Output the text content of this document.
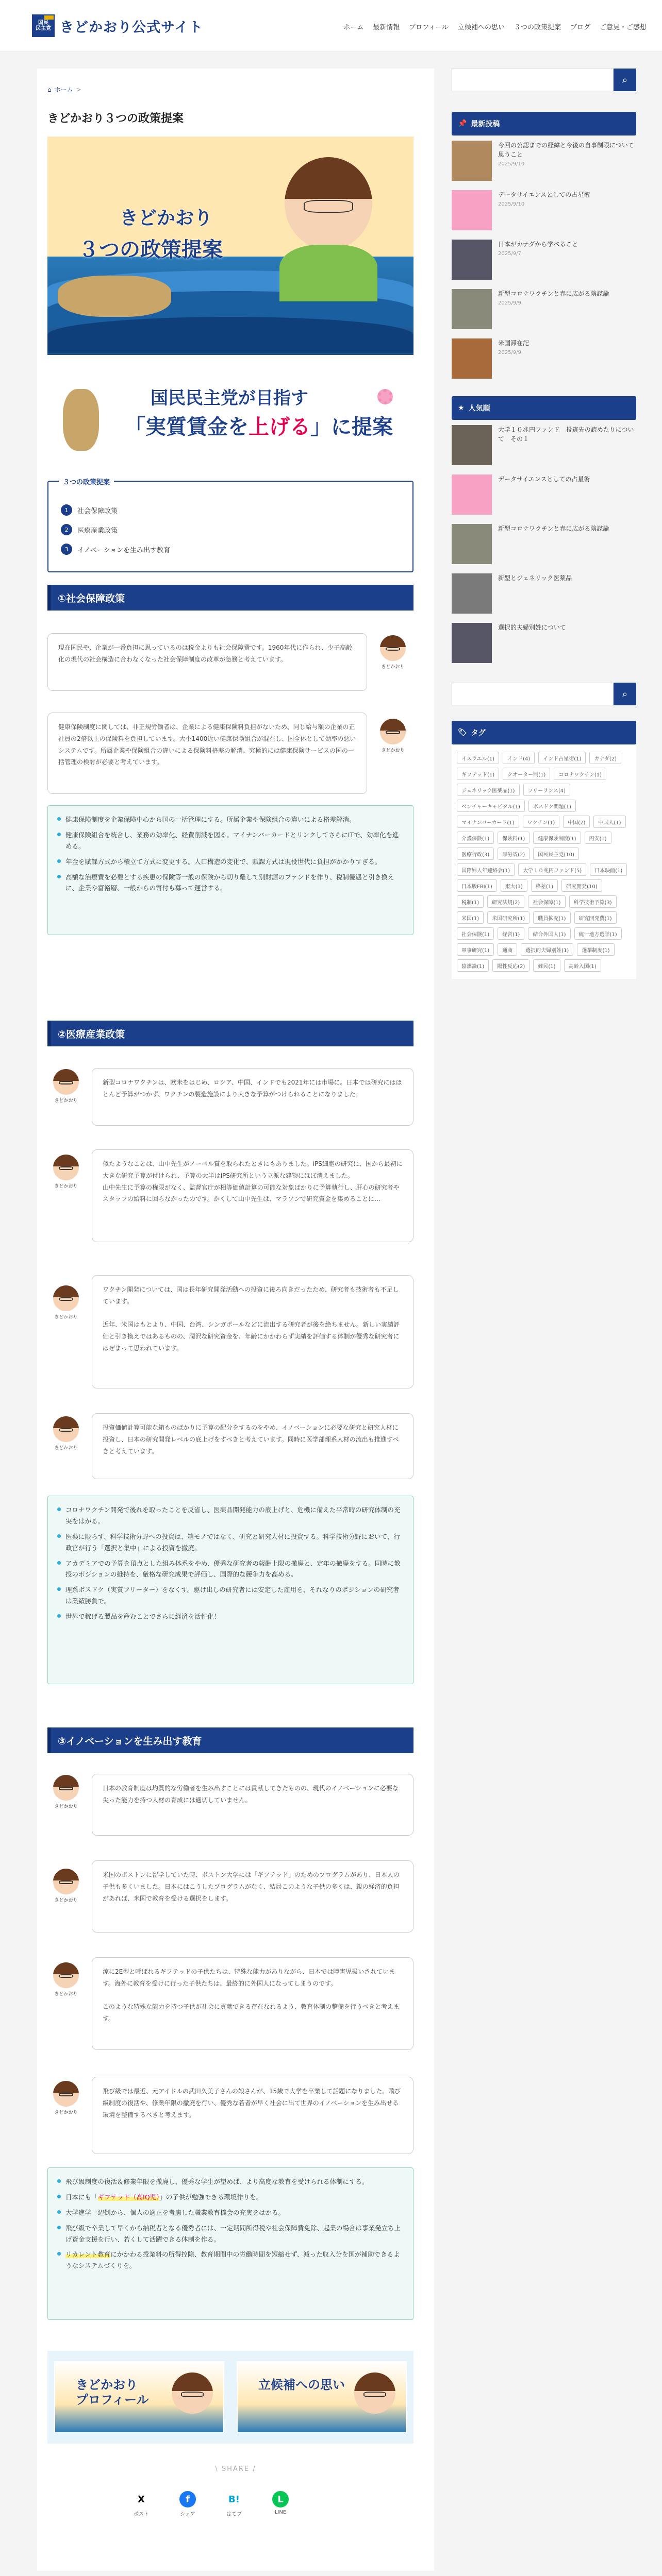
国民
民主党 きどかおり公式サイト	ホーム 最新情報 プロフィール 立候補への思い ３つの政策提案 ブログ ご意見・ご感想
⌂ ホーム >
きどかおり３つの政策提案
きどかおり
３つの政策提案
国民民主党が目指す
「実質賃金を上げる」に提案
３つの政策提案
1	社会保障政策
2	医療産業政策
3	イノベーションを生み出す教育
①社会保障政策
現在国民や、企業が一番負担に思っているのは税金よりも社会保障費です。1960年代に作られ、少子高齢化の現代の社会構造に合わなくなった社会保障制度の改革が急務と考えています。
きどかおり
健康保険制度に関しては、非正規労働者は、企業による健康保険料負担がないため、同じ給与額の企業の正社員の2倍以上の保険料を負担しています。大小1400近い健康保険組合が混在し、国全体として効率の悪いシステムです。所属企業や保険組合の違いによる保険料格差の解消、究極的には健康保険サービスの国の一括管理の検討が必要と考えています。
きどかおり
健康保険制度を企業保険中心から国の一括管理にする。所属企業や保険組合の違いによる格差解消。
健康保険組合を統合し、業務の効率化、経費削減を図る。マイナンバーカードとリンクしてさらにITで、効率化を進める。
年金を賦課方式から積立て方式に変更する。人口構造の変化で、賦課方式は現役世代に負担がかかりすぎる。
高額な治療費を必要とする疾患の保険等一般の保険から切り離して別財源のファンドを作り、税制優遇と引き換えに、企業や富裕層、一般からの寄付も募って運営する。
②医療産業政策
きどかおり
新型コロナワクチンは、欧米をはじめ、ロシア、中国、インドでも2021年には市場に。日本では研究にはほとんど予算がつかず、ワクチンの製造施設により大きな予算がつけられることになりました。
きどかおり

似たようなことは、山中先生がノーベル賞を取られたときにもありました。iPS細胞の研究に、国から最初に大きな研究予算が付けられ、予算の大半はiPS研究所という立派な建物にほぼ消えました。

山中先生に予算の権限がなく、監督官庁が相等価値計算の可能な対象ばかりに予算執行し、肝心の研究者やスタッフの給料に回らなかったのです。かくして山中先生は、マラソンで研究資金を集めることに…

きどかおり

ワクチン開発については、国は長年研究開発活動への投資に後ろ向きだったため、研究者も技術者も不足しています。

近年、米国はもとより、中国、台湾、シンガポールなどに流出する研究者が後を絶ちません。新しい実績評価と引き換えではあるものの、潤沢な研究資金を、年齢にかかわらず実績を評価する体制が優秀な研究者にはぜまって思われています。

きどかおり
投資価値計算可能な箱ものばかりに予算の配分をするのをやめ、イノベーションに必要な研究と研究人材に投資し、日本の研究開発レベルの底上げをすべきと考えています。同時に医学部理系人材の流出も推進すべきと考えています。
コロナワクチン開発で後れを取ったことを反省し、医薬品開発能力の底上げと、危機に備えた平常時の研究体制の充実をはかる。
医薬に限らず、科学技術分野への投資は、箱モノではなく、研究と研究人材に投資する。科学技術分野において、行政官が行う「選択と集中」による投資を撤廃。
アカデミアでの予算を頂点とした組み体系をやめ、優秀な研究者の報酬上限の撤廃と、定年の撤廃をする。同時に教授のポジションの維持を、厳格な研究成果で評価し、国際的な競争力を高める。
理系ポスドク（実質フリーター）をなくす。駆け出しの研究者には安定した雇用を、それなりのポジションの研究者は業績勝負で。
世界で稼げる製品を産むことでさらに経済を活性化！
③イノベーションを生み出す教育
きどかおり
日本の教育制度は均質的な労働者を生み出すことには貢献してきたものの、現代のイノベーションに必要な尖った能力を持つ人材の育成には適切していません。
きどかおり
米国のボストンに留学していた時、ボストン大学には「ギフテッド」のためのプログラムがあり、日本人の子供も多くいました。日本にはこうしたプログラムがなく、結局このような子供の多くは、親の経済的負担があれば、米国で教育を受ける選択をします。
きどかおり

涼に2E型と呼ばれるギフテッドの子供たちは、特殊な能力がありながら、日本では障害児扱いされています。海外に教育を受けに行った子供たちは、最終的に外国人になってしまうのです。

このような特殊な能力を持つ子供が社会に貢献できる存在なれるよう、教育体制の整備を行うべきと考えます。

きどかおり
飛び級では最近、元アイドルの武田久美子さんの娘さんが、15歳で大学を卒業して話題になりました。飛び級制度の復活や、修業年限の撤廃を行い、優秀な若者が早く社会に出て世界のイノベーションを生み出せる環境を整備するべきと考えます。
飛び級制度の復活＆修業年限を撤廃し、優秀な学生が望めば、より高度な教育を受けられる体制にする。
日本にも「ギフテッド（高IQ児）」の子供が勉強できる環境作りを。
大学進学一辺倒から、個人の適正を考慮した職業教育機会の充実をはかる。
飛び級で卒業して早くから納税者となる優秀者には、一定期間所得税や社会保障費免除、起業の場合は事業発立ち上げ資金支援を行い、若くして活躍できる体制を作る。
リカレント教育にかかわる授業料の所得控除、教育期間中の労働時間を短縮せず、減った収入分を国が補助できるようなシステムづくりを。
きどかおり
プロフィール
立候補への思い
\ SHARE /
X
ポスト
f
シェア
B!
はてブ
L
LINE
⌕
📌 最新投稿
今回の公認までの経緯と今後の自事制限について思うこと
2025/9/10
データサイエンスとしての占星術
2025/9/10
日本がカナダから学べること
2025/9/7
新型コロナワクチンと春に広がる陰謀論
2025/9/9
米国滞在記
2025/9/9
★ 人気順
大学１０兆円ファンド　投資先の読めたりについて　その１
データサイエンスとしての占星術
新型コロナワクチンと春に広がる陰謀論
新型とジェネリック医薬品
選択的夫婦別姓について
⌕
🏷 タグ
イスラエル(1)	インド(4)	インド占星術(1)	カナダ(2)
ギフテッド(1)	クオーター制(1)	コロナワクチン(1)
ジェネリック医薬品(1)	フリーランス(4)
ベンチャーキャピタル(1)	ポスドク問題(1)
マイナンバーカード(1)	ワクチン(1)	中国(2)	中国人(1)
介護保険(1)	保険料(1)	健康保険制度(1)	円安(1)
医療行政(3)	厚労省(2)	国民民主党(10)
国際婦人年連絡会(1)	大学１０兆円ファンド(5)	日本映画(1)
日本版FBI(1)	東大(1)	格差(1)	研究開発(10)
税制(1)	研究法規(2)	社会保障(1)	科学技術予算(3)
米国(1)	米国研究所(1)	職員拡充(1)	研究開発費(1)
社会保険(1)	経営(1)	結合外国人(1)	統一地方選挙(1)
軍事研究(1)	通商	選択的夫婦別姓(1)	選挙制度(1)
陰謀論(1)	陽性反応(2)	難民(1)	高齢入国(1)
